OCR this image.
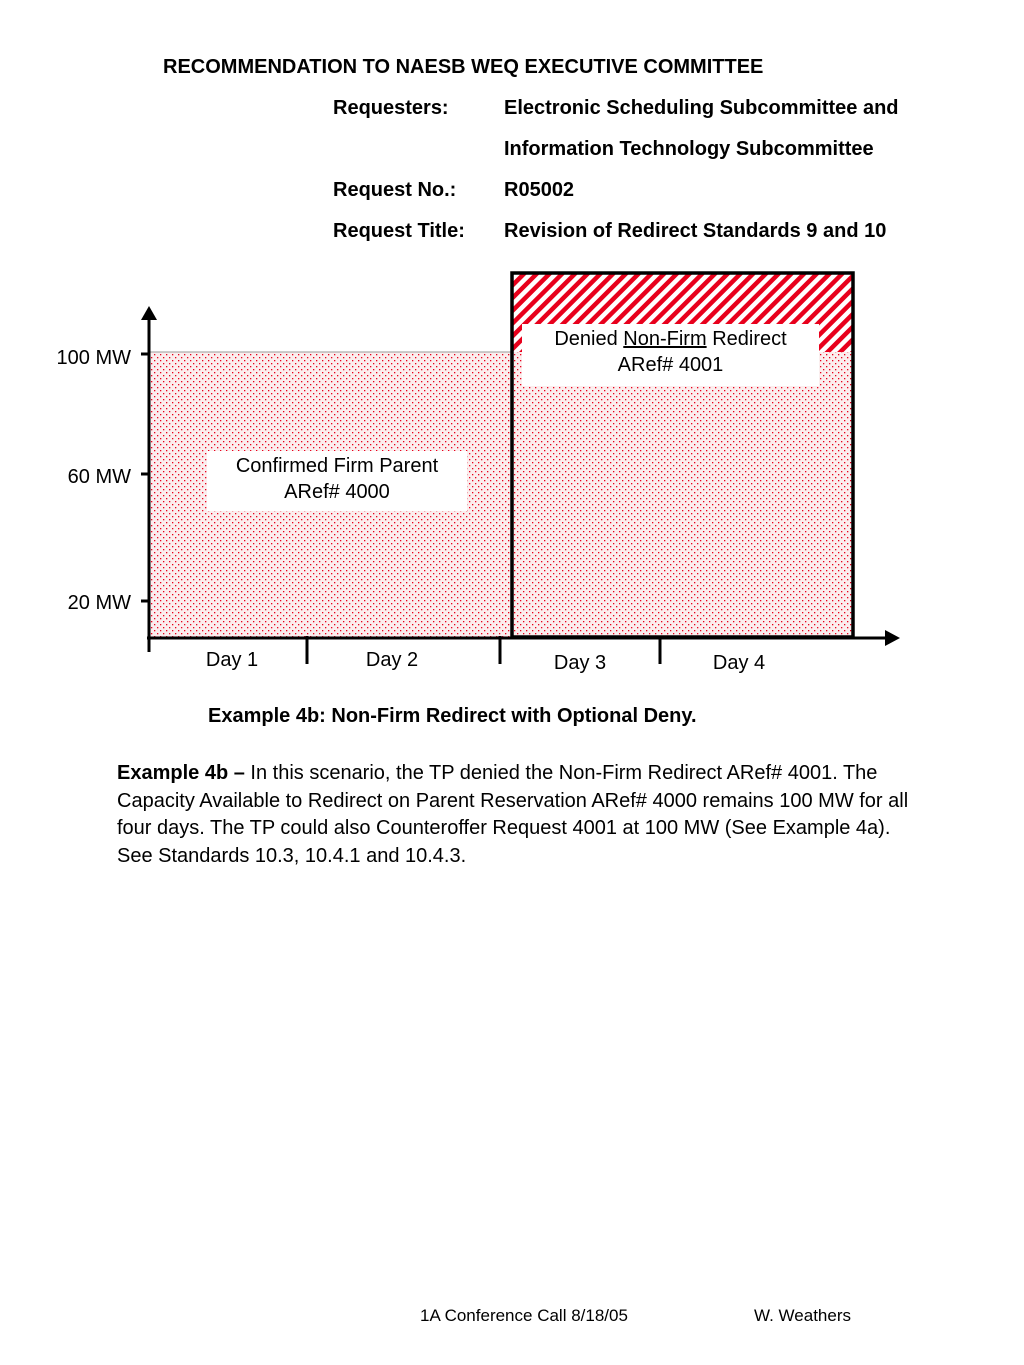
RECOMMENDATION TO NAESB WEQ EXECUTIVE COMMITTEE
Requesters:	Electronic Scheduling Subcommittee and
Information Technology Subcommittee
Request No.: R05002
Request Title: Revision of Redirect Standards 9 and 10
100 MW
60 MW
20 MW
Day 1	Day 2	Day 3	Day 4
Confirmed Firm Parent
ARef# 4000
Denied Non-Firm Redirect
ARef# 4001
Example 4b: Non-Firm Redirect with Optional Deny.
Example 4b – In this scenario, the TP denied the Non-Firm Redirect ARef# 4001. The Capacity Available to Redirect on Parent Reservation ARef# 4000 remains 100 MW for all four days. The TP could also Counteroffer Request 4001 at 100 MW (See Example 4a). See Standards 10.3, 10.4.1 and 10.4.3.
1A Conference Call 8/18/05	W. Weathers
